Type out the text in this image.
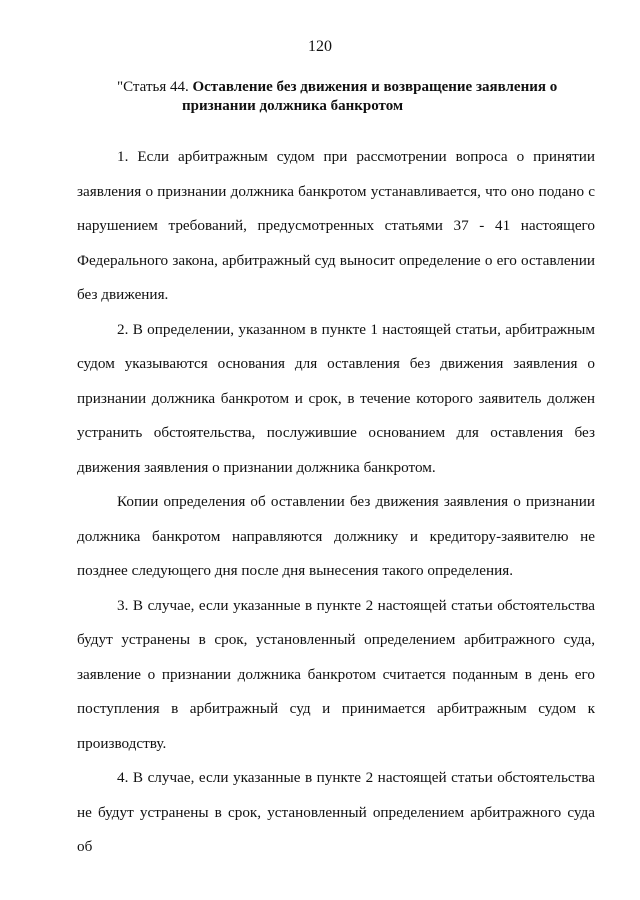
120
"Статья 44. Оставление без движения и возвращение заявления о
признании должника банкротом

1. Если арбитражным судом при рассмотрении вопроса о принятии заявления о признании должника банкротом устанавливается, что оно подано с нарушением требований, предусмотренных статьями 37 - 41 настоящего Федерального закона, арбитражный суд выносит определение о его оставлении без движения.

2. В определении, указанном в пункте 1 настоящей статьи, арбитражным судом указываются основания для оставления без движения заявления о признании должника банкротом и срок, в течение которого заявитель должен устранить обстоятельства, послужившие основанием для оставления без движения заявления о признании должника банкротом.

Копии определения об оставлении без движения заявления о признании должника банкротом направляются должнику и кредитору-заявителю не позднее следующего дня после дня вынесения такого определения.

3. В случае, если указанные в пункте 2 настоящей статьи обстоятельства будут устранены в срок, установленный определением арбитражного суда, заявление о признании должника банкротом считается поданным в день его поступления в арбитражный суд и принимается арбитражным судом к производству.

4. В случае, если указанные в пункте 2 настоящей статьи обстоятельства не будут устранены в срок, установленный определением арбитражного суда об
